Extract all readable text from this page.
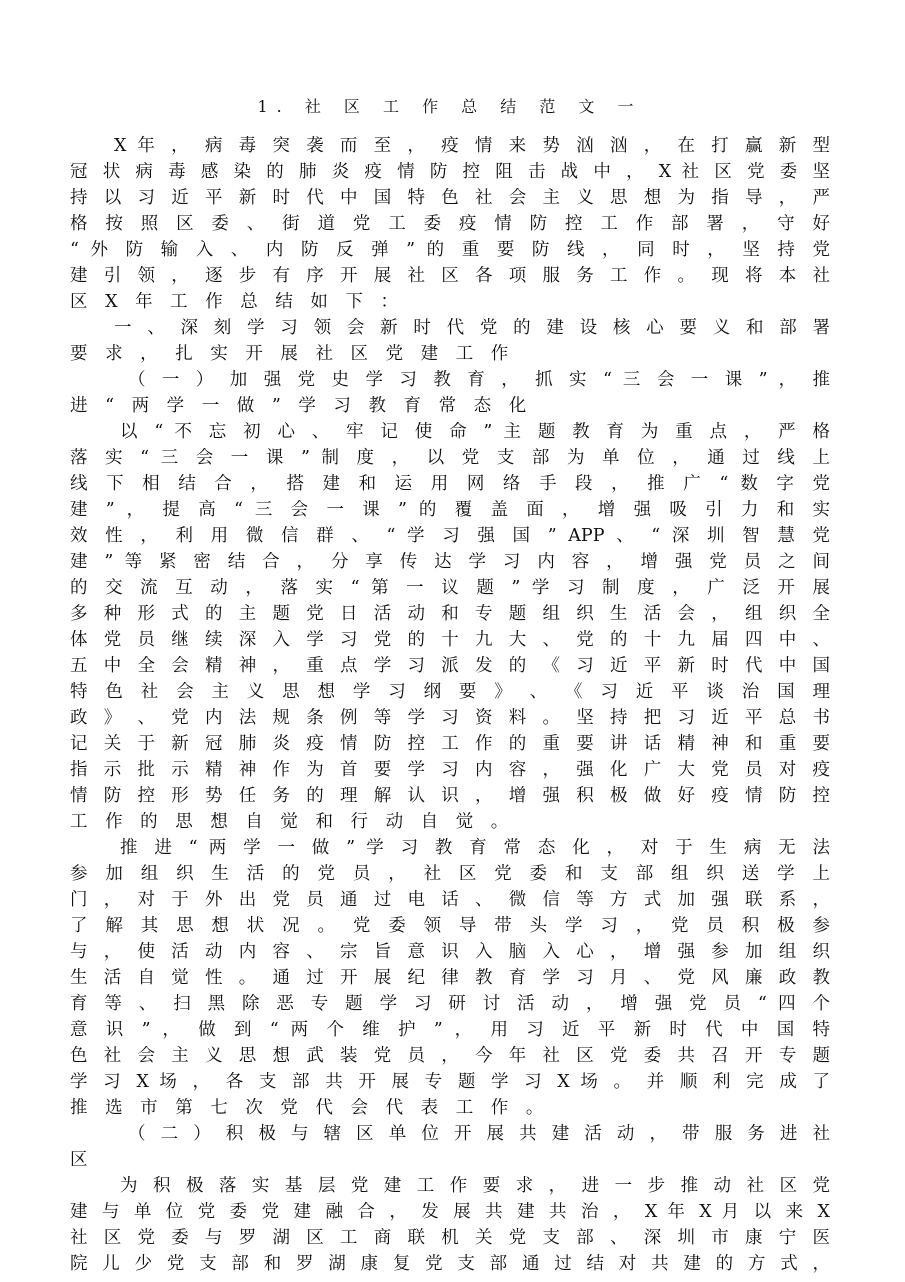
1. 社 区 工 作 总 结 范 文 一
X 年 ， 病 毒 突 袭 而 至 ， 疫 情 来 势 汹 汹 ， 在 打 赢 新 型
冠 状 病 毒 感 染 的 肺 炎 疫 情 防 控 阻 击 战 中 ， X 社 区 党 委 坚
持 以 习 近 平 新 时 代 中 国 特 色 社 会 主 义 思 想 为 指 导 ， 严
格 按 照 区 委 、 街 道 党 工 委 疫 情 防 控 工 作 部 署 ， 守 好
“ 外 防 输 入 、 内 防 反 弹 ” 的 重 要 防 线 ， 同 时 ， 坚 持 党
建 引 领 ， 逐 步 有 序 开 展 社 区 各 项 服 务 工 作 。 现 将 本 社
区 X 年 工 作 总 结 如 下 ：
一 、 深 刻 学 习 领 会 新 时 代 党 的 建 设 核 心 要 义 和 部 署
要 求 ， 扎 实 开 展 社 区 党 建 工 作
（ 一 ） 加 强 党 史 学 习 教 育 ， 抓 实 “ 三 会 一 课 ” ， 推
进 “ 两 学 一 做 ” 学 习 教 育 常 态 化
以 “ 不 忘 初 心 、 牢 记 使 命 ” 主 题 教 育 为 重 点 ， 严 格
落 实 “ 三 会 一 课 ” 制 度 ， 以 党 支 部 为 单 位 ， 通 过 线 上
线 下 相 结 合 ， 搭 建 和 运 用 网 络 手 段 ， 推 广 “ 数 字 党
建 ” ， 提 高 “ 三 会 一 课 ” 的 覆 盖 面 ， 增 强 吸 引 力 和 实
效 性 ， 利 用 微 信 群 、 “ 学 习 强 国 ” APP 、 “ 深 圳 智 慧 党
建 ” 等 紧 密 结 合 ， 分 享 传 达 学 习 内 容 ， 增 强 党 员 之 间
的 交 流 互 动 ， 落 实 “ 第 一 议 题 ” 学 习 制 度 ， 广 泛 开 展
多 种 形 式 的 主 题 党 日 活 动 和 专 题 组 织 生 活 会 ， 组 织 全
体 党 员 继 续 深 入 学 习 党 的 十 九 大 、 党 的 十 九 届 四 中 、
五 中 全 会 精 神 ， 重 点 学 习 派 发 的 《 习 近 平 新 时 代 中 国
特 色 社 会 主 义 思 想 学 习 纲 要 》 、 《 习 近 平 谈 治 国 理
政 》 、 党 内 法 规 条 例 等 学 习 资 料 。 坚 持 把 习 近 平 总 书
记 关 于 新 冠 肺 炎 疫 情 防 控 工 作 的 重 要 讲 话 精 神 和 重 要
指 示 批 示 精 神 作 为 首 要 学 习 内 容 ， 强 化 广 大 党 员 对 疫
情 防 控 形 势 任 务 的 理 解 认 识 ， 增 强 积 极 做 好 疫 情 防 控
工 作 的 思 想 自 觉 和 行 动 自 觉 。
推 进 “ 两 学 一 做 ” 学 习 教 育 常 态 化 ， 对 于 生 病 无 法
参 加 组 织 生 活 的 党 员 ， 社 区 党 委 和 支 部 组 织 送 学 上
门 ， 对 于 外 出 党 员 通 过 电 话 、 微 信 等 方 式 加 强 联 系 ，
了 解 其 思 想 状 况 。 党 委 领 导 带 头 学 习 ， 党 员 积 极 参
与 ， 使 活 动 内 容 、 宗 旨 意 识 入 脑 入 心 ， 增 强 参 加 组 织
生 活 自 觉 性 。 通 过 开 展 纪 律 教 育 学 习 月 、 党 风 廉 政 教
育 等 、 扫 黑 除 恶 专 题 学 习 研 讨 活 动 ， 增 强 党 员 “ 四 个
意 识 ” ， 做 到 “ 两 个 维 护 ” ， 用 习 近 平 新 时 代 中 国 特
色 社 会 主 义 思 想 武 装 党 员 ， 今 年 社 区 党 委 共 召 开 专 题
学 习 X 场 ， 各 支 部 共 开 展 专 题 学 习 X 场 。 并 顺 利 完 成 了
推 选 市 第 七 次 党 代 会 代 表 工 作 。
（ 二 ） 积 极 与 辖 区 单 位 开 展 共 建 活 动 ， 带 服 务 进 社
区
为 积 极 落 实 基 层 党 建 工 作 要 求 ， 进 一 步 推 动 社 区 党
建 与 单 位 党 委 党 建 融 合 ， 发 展 共 建 共 治 ， X 年 X 月 以 来 X
社 区 党 委 与 罗 湖 区 工 商 联 机 关 党 支 部 、 深 圳 市 康 宁 医
院 儿 少 党 支 部 和 罗 湖 康 复 党 支 部 通 过 结 对 共 建 的 方 式 ，
